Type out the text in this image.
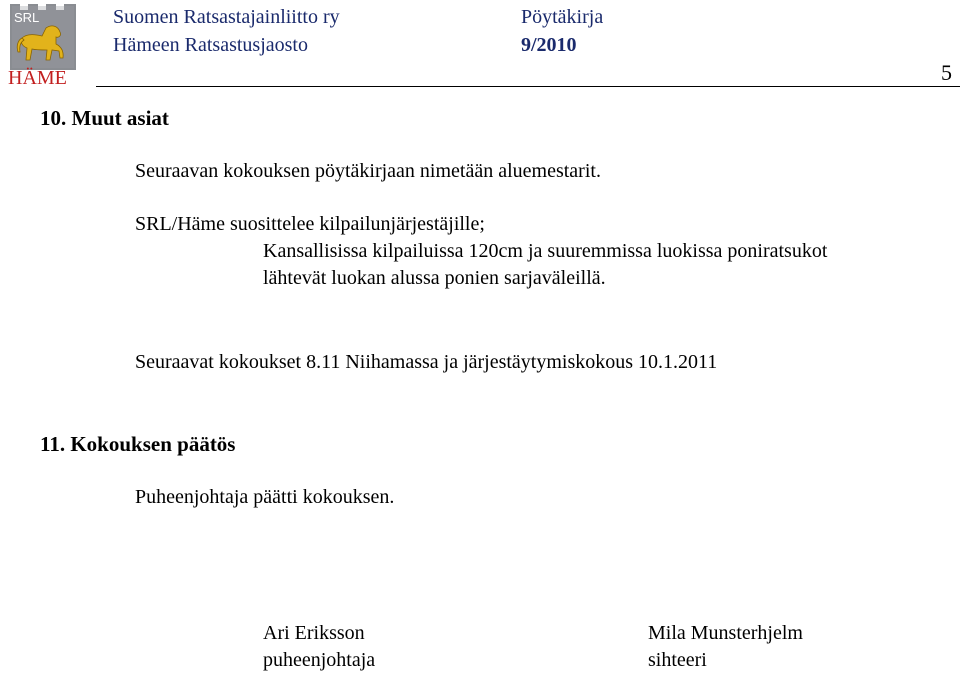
SRL
HÄME
Suomen Ratsastajainliitto ry
Hämeen Ratsastusjaosto
Pöytäkirja
9/2010
5
10. Muut asiat
Seuraavan kokouksen pöytäkirjaan nimetään aluemestarit.
SRL/Häme suosittelee kilpailunjärjestäjille;
Kansallisissa kilpailuissa 120cm ja suuremmissa luokissa poniratsukot
lähtevät luokan alussa ponien sarjaväleillä.
Seuraavat kokoukset 8.11 Niihamassa ja järjestäytymiskokous 10.1.2011
11. Kokouksen päätös
Puheenjohtaja päätti kokouksen.
Ari Eriksson
puheenjohtaja
Mila Munsterhjelm
sihteeri
